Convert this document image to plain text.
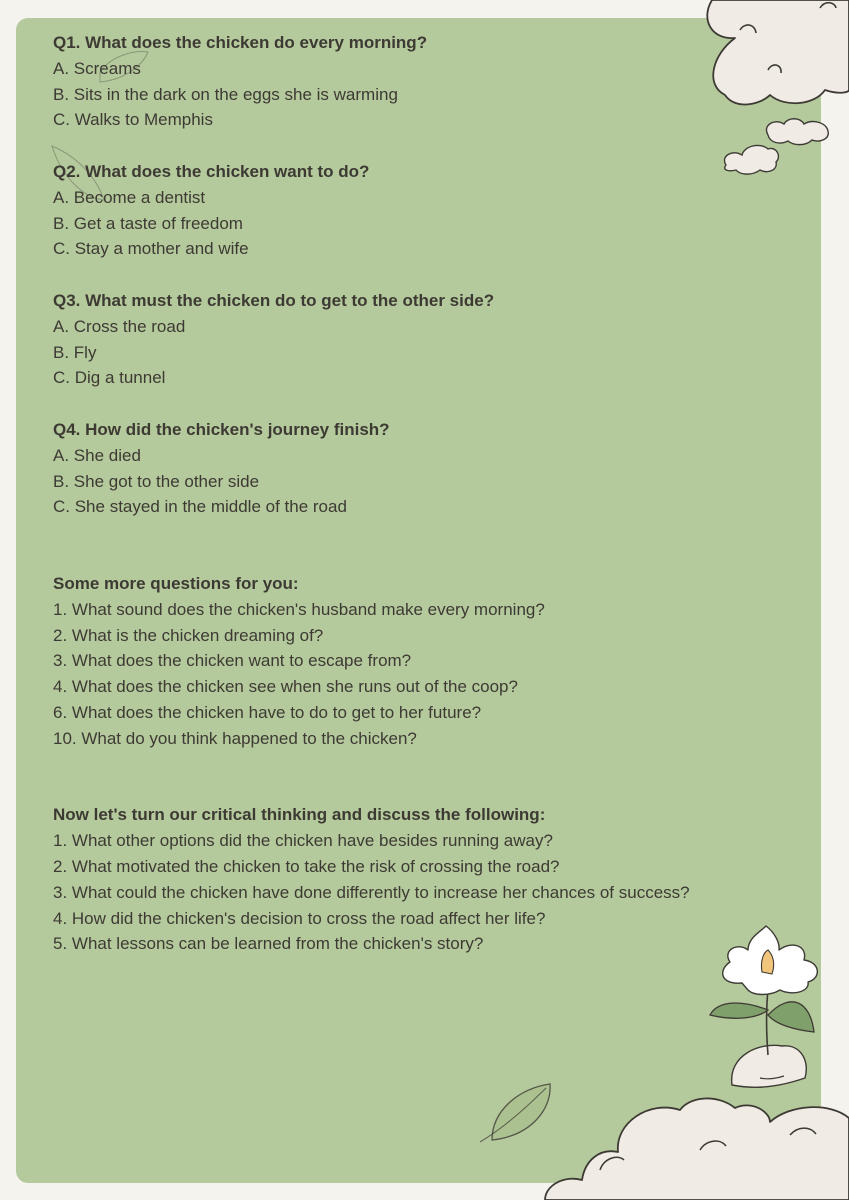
Q1. What does the chicken do every morning?

A. Screams

B. Sits in the dark on the eggs she is warming

C. Walks to Memphis

Q2. What does the chicken want to do?

A. Become a dentist

B. Get a taste of freedom

C. Stay a mother and wife

Q3. What must the chicken do to get to the other side?

A. Cross the road

B. Fly

C. Dig a tunnel

Q4. How did the chicken's journey finish?

A. She died

B. She got to the other side

C. She stayed in the middle of the road

Some more questions for you:

1. What sound does the chicken's husband make every morning?

2. What is the chicken dreaming of?

3. What does the chicken want to escape from?

4. What does the chicken see when she runs out of the coop?

6. What does the chicken have to do to get to her future?

10. What do you think happened to the chicken?

Now let's turn our critical thinking and discuss the following:

1. What other options did the chicken have besides running away?

2. What motivated the chicken to take the risk of crossing the road?

3. What could the chicken have done differently to increase her chances of success?

4. How did the chicken's decision to cross the road affect her life?

5. What lessons can be learned from the chicken's story?
